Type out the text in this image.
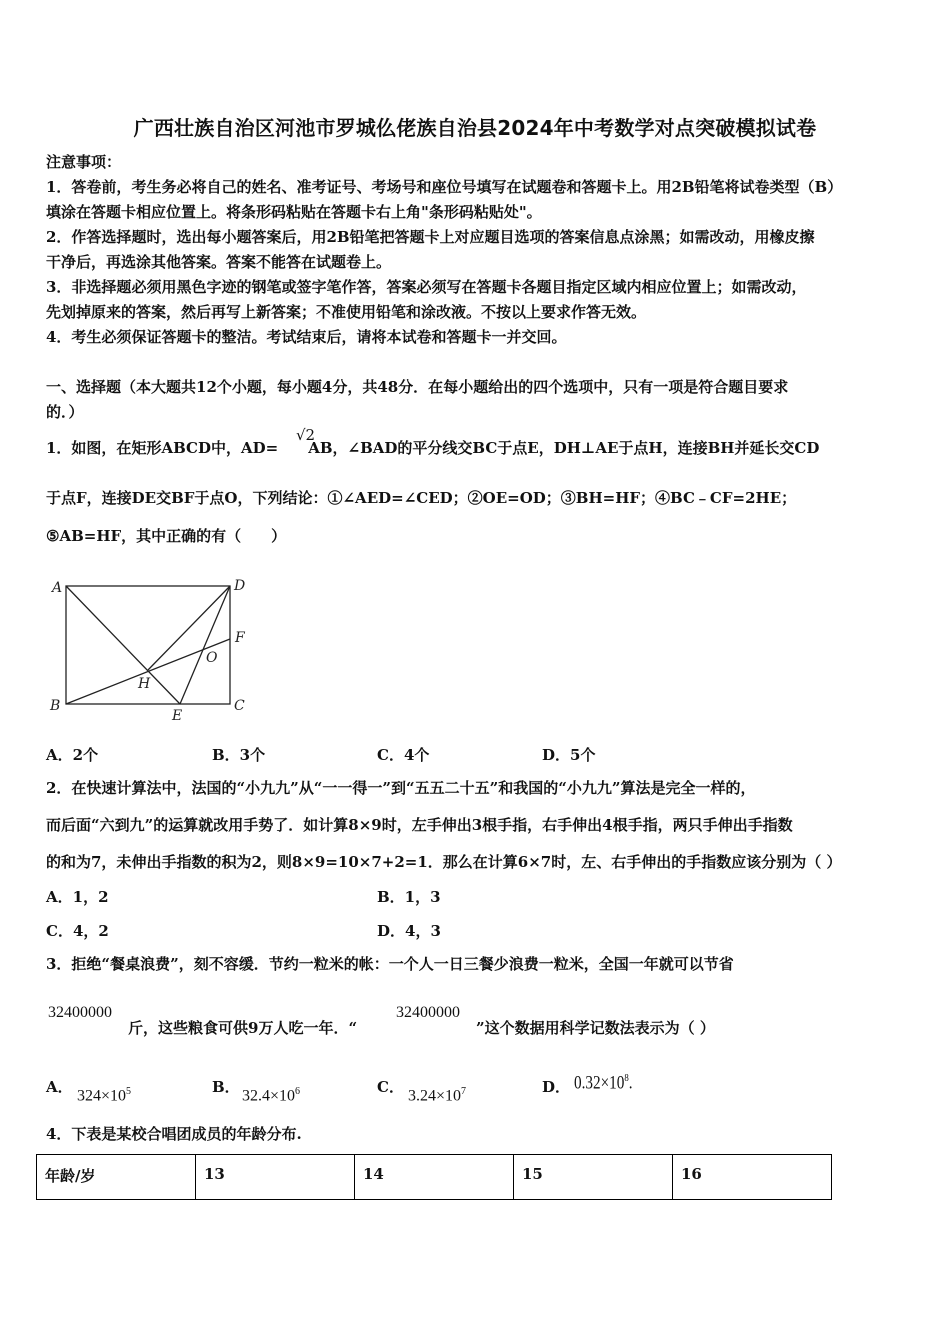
广西壮族自治区河池市罗城仫佬族自治县2024年中考数学对点突破模拟试卷
注意事项：
1．答卷前，考生务必将自己的姓名、准考证号、考场号和座位号填写在试题卷和答题卡上。用2B铅笔将试卷类型（B）
填涂在答题卡相应位置上。将条形码粘贴在答题卡右上角"条形码粘贴处"。
2．作答选择题时，选出每小题答案后，用2B铅笔把答题卡上对应题目选项的答案信息点涂黑；如需改动，用橡皮擦
干净后，再选涂其他答案。答案不能答在试题卷上。
3．非选择题必须用黑色字迹的钢笔或签字笔作答，答案必须写在答题卡各题目指定区域内相应位置上；如需改动，
先划掉原来的答案，然后再写上新答案；不准使用铅笔和涂改液。不按以上要求作答无效。
4．考生必须保证答题卡的整洁。考试结束后，请将本试卷和答题卡一并交回。
一、选择题（本大题共12个小题，每小题4分，共48分．在每小题给出的四个选项中，只有一项是符合题目要求
的．）
1．如图，在矩形ABCD中，AD= AB，∠BAD的平分线交BC于点E，DH⊥AE于点H，连接BH并延长交CD
√2
于点F，连接DE交BF于点O，下列结论：①∠AED=∠CED；②OE=OD；③BH=HF；④BC﹣CF=2HE；
⑤AB=HF，其中正确的有（　　）
A	D
F
O
H
B	C
E
A．2个	B．3个	C．4个	D．5个
2．在快速计算法中，法国的“小九九”从“一一得一”到“五五二十五”和我国的“小九九”算法是完全一样的，
而后面“六到九”的运算就改用手势了．如计算8×9时，左手伸出3根手指，右手伸出4根手指，两只手伸出手指数
的和为7，未伸出手指数的积为2，则8×9=10×7+2=1．那么在计算6×7时，左、右手伸出的手指数应该分别为（ ）
A．1，2	B．1，3
C．4，2	D．4，3
3．拒绝“餐桌浪费”，刻不容缓．节约一粒米的帐：一个人一日三餐少浪费一粒米，全国一年就可以节省
32400000
斤，这些粮食可供9万人吃一年．“
32400000
”这个数据用科学记数法表示为（ ）
A． $324\times 10^5$	B． $32.4\times 10^6$	C． $3.24\times 10^7$	D． $0.32\times 10^8$.
4．下表是某校合唱团成员的年龄分布.
年龄/岁	13	14	15	16
